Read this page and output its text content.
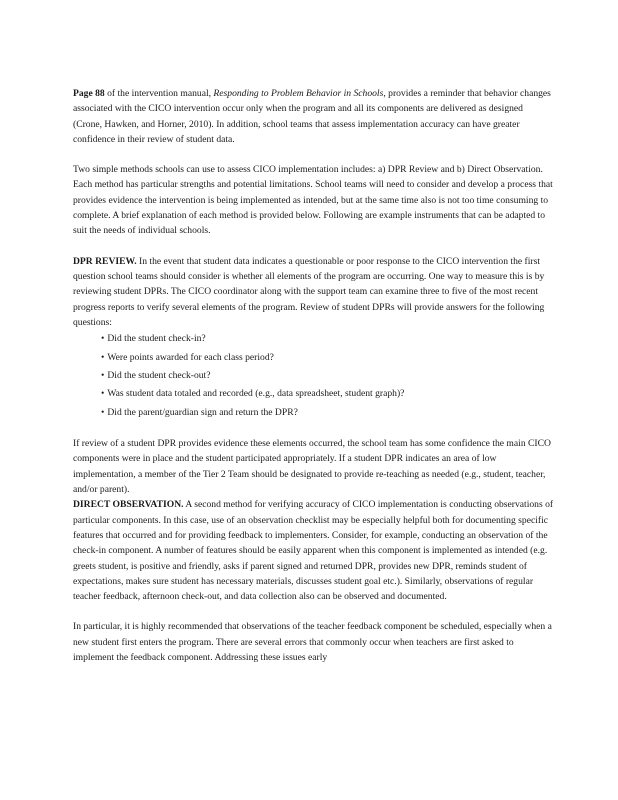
Page 88 of the intervention manual, Responding to Problem Behavior in Schools, provides a reminder that behavior changes associated with the CICO intervention occur only when the program and all its components are delivered as designed (Crone, Hawken, and Horner, 2010). In addition, school teams that assess implementation accuracy can have greater confidence in their review of student data.

Two simple methods schools can use to assess CICO implementation includes: a) DPR Review and b) Direct Observation. Each method has particular strengths and potential limitations. School teams will need to consider and develop a process that provides evidence the intervention is being implemented as intended, but at the same time also is not too time consuming to complete. A brief explanation of each method is provided below. Following are example instruments that can be adapted to suit the needs of individual schools.

DPR REVIEW. In the event that student data indicates a questionable or poor response to the CICO intervention the first question school teams should consider is whether all elements of the program are occurring. One way to measure this is by reviewing student DPRs. The CICO coordinator along with the support team can examine three to five of the most recent progress reports to verify several elements of the program. Review of student DPRs will provide answers for the following questions:

• Did the student check-in?
• Were points awarded for each class period?
• Did the student check-out?
• Was student data totaled and recorded (e.g., data spreadsheet, student graph)?
• Did the parent/guardian sign and return the DPR?

If review of a student DPR provides evidence these elements occurred, the school team has some confidence the main CICO components were in place and the student participated appropriately. If a student DPR indicates an area of low implementation, a member of the Tier 2 Team should be designated to provide re-teaching as needed (e.g., student, teacher, and/or parent).

DIRECT OBSERVATION. A second method for verifying accuracy of CICO implementation is conducting observations of particular components. In this case, use of an observation checklist may be especially helpful both for documenting specific features that occurred and for providing feedback to implementers. Consider, for example, conducting an observation of the check-in component. A number of features should be easily apparent when this component is implemented as intended (e.g. greets student, is positive and friendly, asks if parent signed and returned DPR, provides new DPR, reminds student of expectations, makes sure student has necessary materials, discusses student goal etc.). Similarly, observations of regular teacher feedback, afternoon check-out, and data collection also can be observed and documented.

In particular, it is highly recommended that observations of the teacher feedback component be scheduled, especially when a new student first enters the program. There are several errors that commonly occur when teachers are first asked to implement the feedback component. Addressing these issues early
